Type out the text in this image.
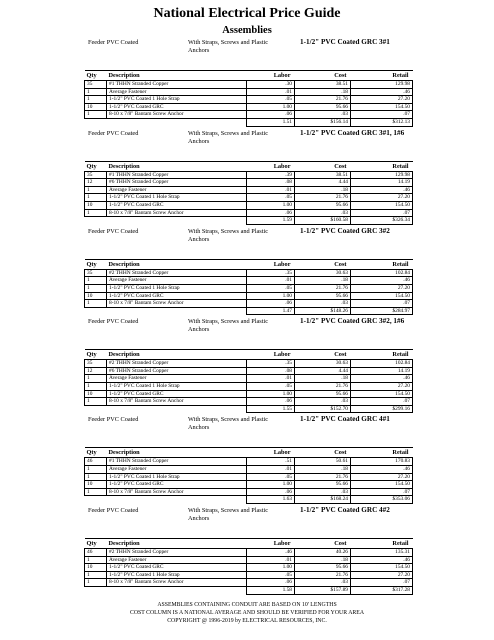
National Electrical Price Guide
Assemblies
Feeder PVC Coated	With Straps, Screws and Plastic Anchors
1-1/2" PVC Coated GRC 3#1
Qty	Description	Labor	Cost	Retail
35	#1 THHN Stranded Copper	.30	38.51	129.98
1	Average Fastener	.01	.18	.46
1	1-1/2" PVC Coated 1 Hole Strap	.05	21.76	27.20
10	1-1/2" PVC Coated GRC	1.00	95.66	154.50
1	8-10 x 7/8" Bantam Screw Anchor	.06	.03	.07
		1.51	$156.14	$312.13
Feeder PVC Coated	With Straps, Screws and Plastic Anchors
1-1/2" PVC Coated GRC 3#1, 1#6
Qty	Description	Labor	Cost	Retail
35	#1 THHN Stranded Copper	.39	38.51	129.98
12	#6 THHN Stranded Copper	.08	4.44	14.19
1	Average Fastener	.01	.18	.46
1	1-1/2" PVC Coated 1 Hole Strap	.05	21.76	27.20
10	1-1/2" PVC Coated GRC	1.00	95.66	154.50
1	8-10 x 7/8" Bantam Screw Anchor	.06	.03	.07
		1.59	$160.58	$326.34
Feeder PVC Coated	With Straps, Screws and Plastic Anchors
1-1/2" PVC Coated GRC 3#2
Qty	Description	Labor	Cost	Retail
35	#2 THHN Stranded Copper	.35	30.63	102.84
1	Average Fastener	.01	.18	.46
1	1-1/2" PVC Coated 1 Hole Strap	.05	21.76	27.20
10	1-1/2" PVC Coated GRC	1.00	95.66	154.50
1	8-10 x 7/8" Bantam Screw Anchor	.06	.03	.07
		1.47	$148.26	$284.97
Feeder PVC Coated	With Straps, Screws and Plastic Anchors
1-1/2" PVC Coated GRC 3#2, 1#6
Qty	Description	Labor	Cost	Retail
35	#2 THHN Stranded Copper	.35	30.63	102.84
12	#6 THHN Stranded Copper	.08	4.44	14.19
1	Average Fastener	.01	.18	.46
1	1-1/2" PVC Coated 1 Hole Strap	.05	21.76	27.20
10	1-1/2" PVC Coated GRC	1.00	95.66	154.50
1	8-10 x 7/8" Bantam Screw Anchor	.06	.03	.07
		1.55	$152.70	$299.16
Feeder PVC Coated	With Straps, Screws and Plastic Anchors
1-1/2" PVC Coated GRC 4#1
Qty	Description	Labor	Cost	Retail
46	#1 THHN Stranded Copper	.51	50.61	170.83
1	Average Fastener	.01	.18	.46
1	1-1/2" PVC Coated 1 Hole Strap	.05	21.76	27.20
10	1-1/2" PVC Coated GRC	1.00	95.66	154.50
1	8-10 x 7/8" Bantam Screw Anchor	.06	.03	.07
		1.63	$168.24	$353.06
Feeder PVC Coated	With Straps, Screws and Plastic Anchors
1-1/2" PVC Coated GRC 4#2
Qty	Description	Labor	Cost	Retail
46	#2 THHN Stranded Copper	.46	40.26	135.31
1	Average Fastener	.01	.18	.46
10	1-1/2" PVC Coated GRC	1.00	95.66	154.50
1	1-1/2" PVC Coated 1 Hole Strap	.05	21.76	27.20
1	8-10 x 7/8" Bantam Screw Anchor	.06	.03	.07
		1.58	$157.89	$317.28
ASSEMBLIES CONTAINING CONDUIT ARE BASED ON 10' LENGTHS
COST COLUMN IS A NATIONAL AVERAGE AND SHOULD BE VERIFIED FOR YOUR AREA
COPYRIGHT @ 1996-2019 by ELECTRICAL RESOURCES, INC.
